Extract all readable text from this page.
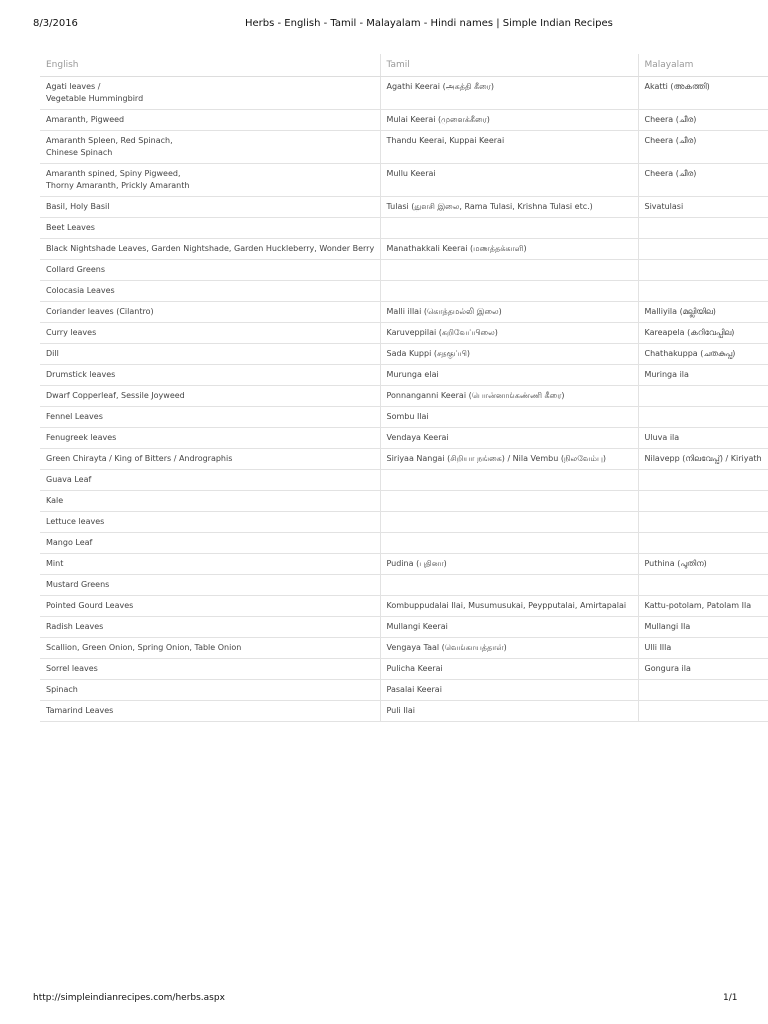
8/3/2016	Herbs - English - Tamil - Malayalam - Hindi names | Simple Indian Recipes
English	Tamil	Malayalam
Agati leaves /
Vegetable Hummingbird	Agathi Keerai (அகத்தி கீரை)	Akatti (അകത്തി)
Amaranth, Pigweed	Mulai Keerai (முளைக்கீரை)	Cheera (ചീര)
Amaranth Spleen, Red Spinach,
Chinese Spinach	Thandu Keerai, Kuppai Keerai	Cheera (ചീര)
Amaranth spined, Spiny Pigweed,
Thorny Amaranth, Prickly Amaranth	Mullu Keerai	Cheera (ചീര)
Basil, Holy Basil	Tulasi (துளசி இலை, Rama Tulasi, Krishna Tulasi etc.)	Sivatulasi
Beet Leaves		
Black Nightshade Leaves, Garden Nightshade, Garden Huckleberry, Wonder Berry	Manathakkali Keerai (மணத்தக்காளி)	
Collard Greens		
Colocasia Leaves		
Coriander leaves (Cilantro)	Malli illai (கொத்தமல்லி இலை)	Malliyila (മല്ലിയില)
Curry leaves	Karuveppilai (கறிவேப்பிலை)	Kareapela (കറിവേപ്പില)
Dill	Sada Kuppi (சதகுப்பி)	Chathakuppa (ചതകുപ്പ)
Drumstick leaves	Murunga elai	Muringa ila
Dwarf Copperleaf, Sessile Joyweed	Ponnanganni Keerai (பொன்னாங்கண்ணி கீரை)	
Fennel Leaves	Sombu Ilai	
Fenugreek leaves	Vendaya Keerai	Uluva ila
Green Chirayta / King of Bitters / Andrographis	Siriyaa Nangai (சிறியா நங்கை) / Nila Vembu (நிலவேம்பு)	Nilavepp (നിലവേപ്പ്) / Kiriyath
Guava Leaf		
Kale		
Lettuce leaves		
Mango Leaf		
Mint	Pudina (புதினா)	Puthina (പുതിന)
Mustard Greens		
Pointed Gourd Leaves	Kombuppudalai Ilai, Musumusukai, Peypputalai, Amirtapalai	Kattu-potolam, Patolam Ila
Radish Leaves	Mullangi Keerai	Mullangi Ila
Scallion, Green Onion, Spring Onion, Table Onion	Vengaya Taal (வெங்காயத்தாள்)	Ulli Illa
Sorrel leaves	Pulicha Keerai	Gongura ila
Spinach	Pasalai Keerai	
Tamarind Leaves	Puli Ilai	
http://simpleindianrecipes.com/herbs.aspx	1/1
